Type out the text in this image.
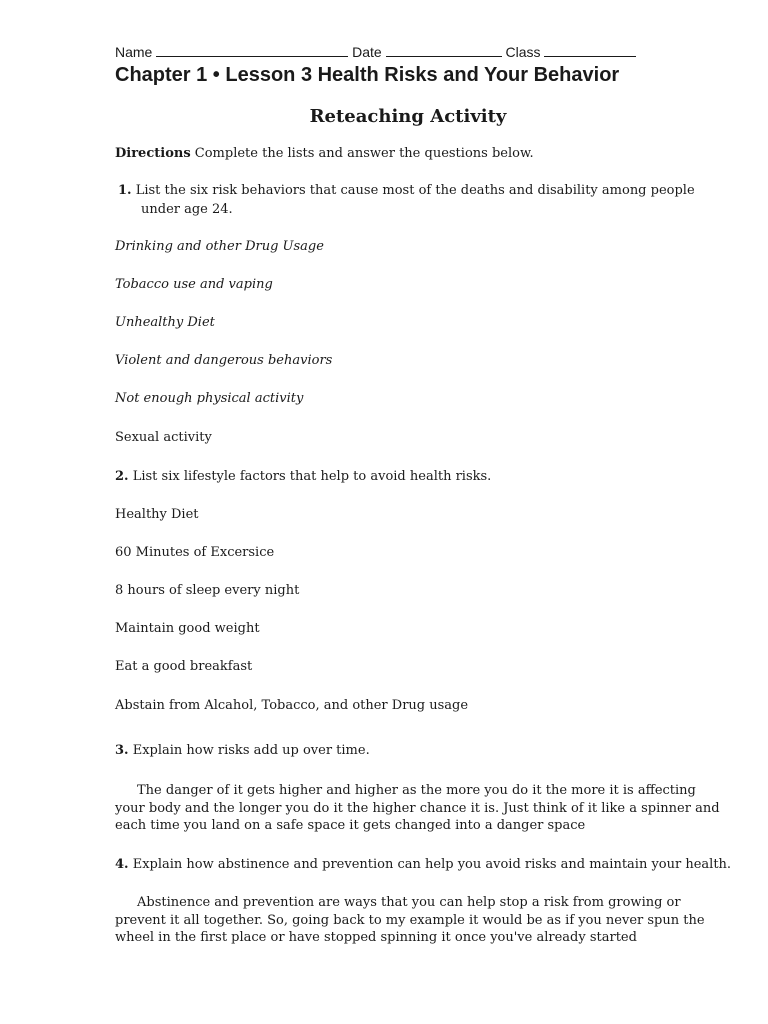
Name	Date	Class
Chapter 1 • Lesson 3 Health Risks and Your Behavior
Reteaching Activity
Directions Complete the lists and answer the questions below.
1. List the six risk behaviors that cause most of the deaths and disability among people
under age 24.
Drinking and other Drug Usage
Tobacco use and vaping
Unhealthy Diet
Violent and dangerous behaviors
Not enough physical activity
Sexual activity
2. List six lifestyle factors that help to avoid health risks.
Healthy Diet
60 Minutes of Excersice
8 hours of sleep every night
Maintain good weight
Eat a good breakfast
Abstain from Alcahol, Tobacco, and other Drug usage
3. Explain how risks add up over time.
The danger of it gets higher and higher as the more you do it the more it is affecting your body and the longer you do it the higher chance it is. Just think of it like a spinner and each time you land on a safe space it gets changed into a danger space
4. Explain how abstinence and prevention can help you avoid risks and maintain your health.
Abstinence and prevention are ways that you can help stop a risk from growing or prevent it all together. So, going back to my example it would be as if you never spun the wheel in the first place or have stopped spinning it once you've already started
